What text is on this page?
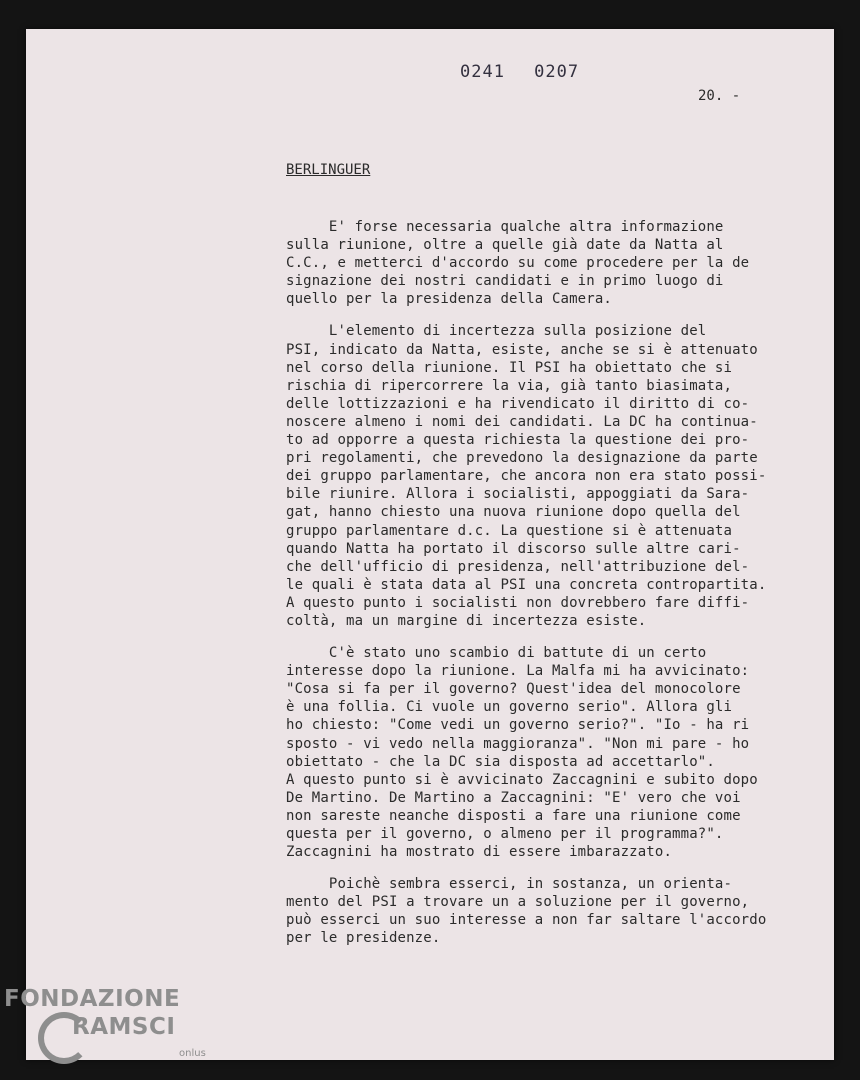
0241 0207
20. -
BERLINGUER
E' forse necessaria qualche altra informazione
sulla riunione, oltre a quelle già date da Natta al
C.C., e metterci d'accordo su come procedere per la de
signazione dei nostri candidati e in primo luogo di
quello per la presidenza della Camera.
L'elemento di incertezza sulla posizione del
PSI, indicato da Natta, esiste, anche se si è attenuato
nel corso della riunione. Il PSI ha obiettato che si
rischia di ripercorrere la via, già tanto biasimata,
delle lottizzazioni e ha rivendicato il diritto di co-
noscere almeno i nomi dei candidati. La DC ha continua-
to ad opporre a questa richiesta la questione dei pro-
pri regolamenti, che prevedono la designazione da parte
dei gruppo parlamentare, che ancora non era stato possi-
bile riunire. Allora i socialisti, appoggiati da Sara-
gat, hanno chiesto una nuova riunione dopo quella del
gruppo parlamentare d.c. La questione si è attenuata
quando Natta ha portato il discorso sulle altre cari-
che dell'ufficio di presidenza, nell'attribuzione del-
le quali è stata data al PSI una concreta contropartita.
A questo punto i socialisti non dovrebbero fare diffi-
coltà, ma un margine di incertezza esiste.
C'è stato uno scambio di battute di un certo
interesse dopo la riunione. La Malfa mi ha avvicinato:
"Cosa si fa per il governo? Quest'idea del monocolore
è una follia. Ci vuole un governo serio". Allora gli
ho chiesto: "Come vedi un governo serio?". "Io - ha ri
sposto - vi vedo nella maggioranza". "Non mi pare - ho
obiettato - che la DC sia disposta ad accettarlo".
A questo punto si è avvicinato Zaccagnini e subito dopo
De Martino. De Martino a Zaccagnini: "E' vero che voi
non sareste neanche disposti a fare una riunione come
questa per il governo, o almeno per il programma?".
Zaccagnini ha mostrato di essere imbarazzato.
Poichè sembra esserci, in sostanza, un orienta-
mento del PSI a trovare un a soluzione per il governo,
può esserci un suo interesse a non far saltare l'accordo
per le presidenze.
FONDAZIONE
RAMSCI
onlus
